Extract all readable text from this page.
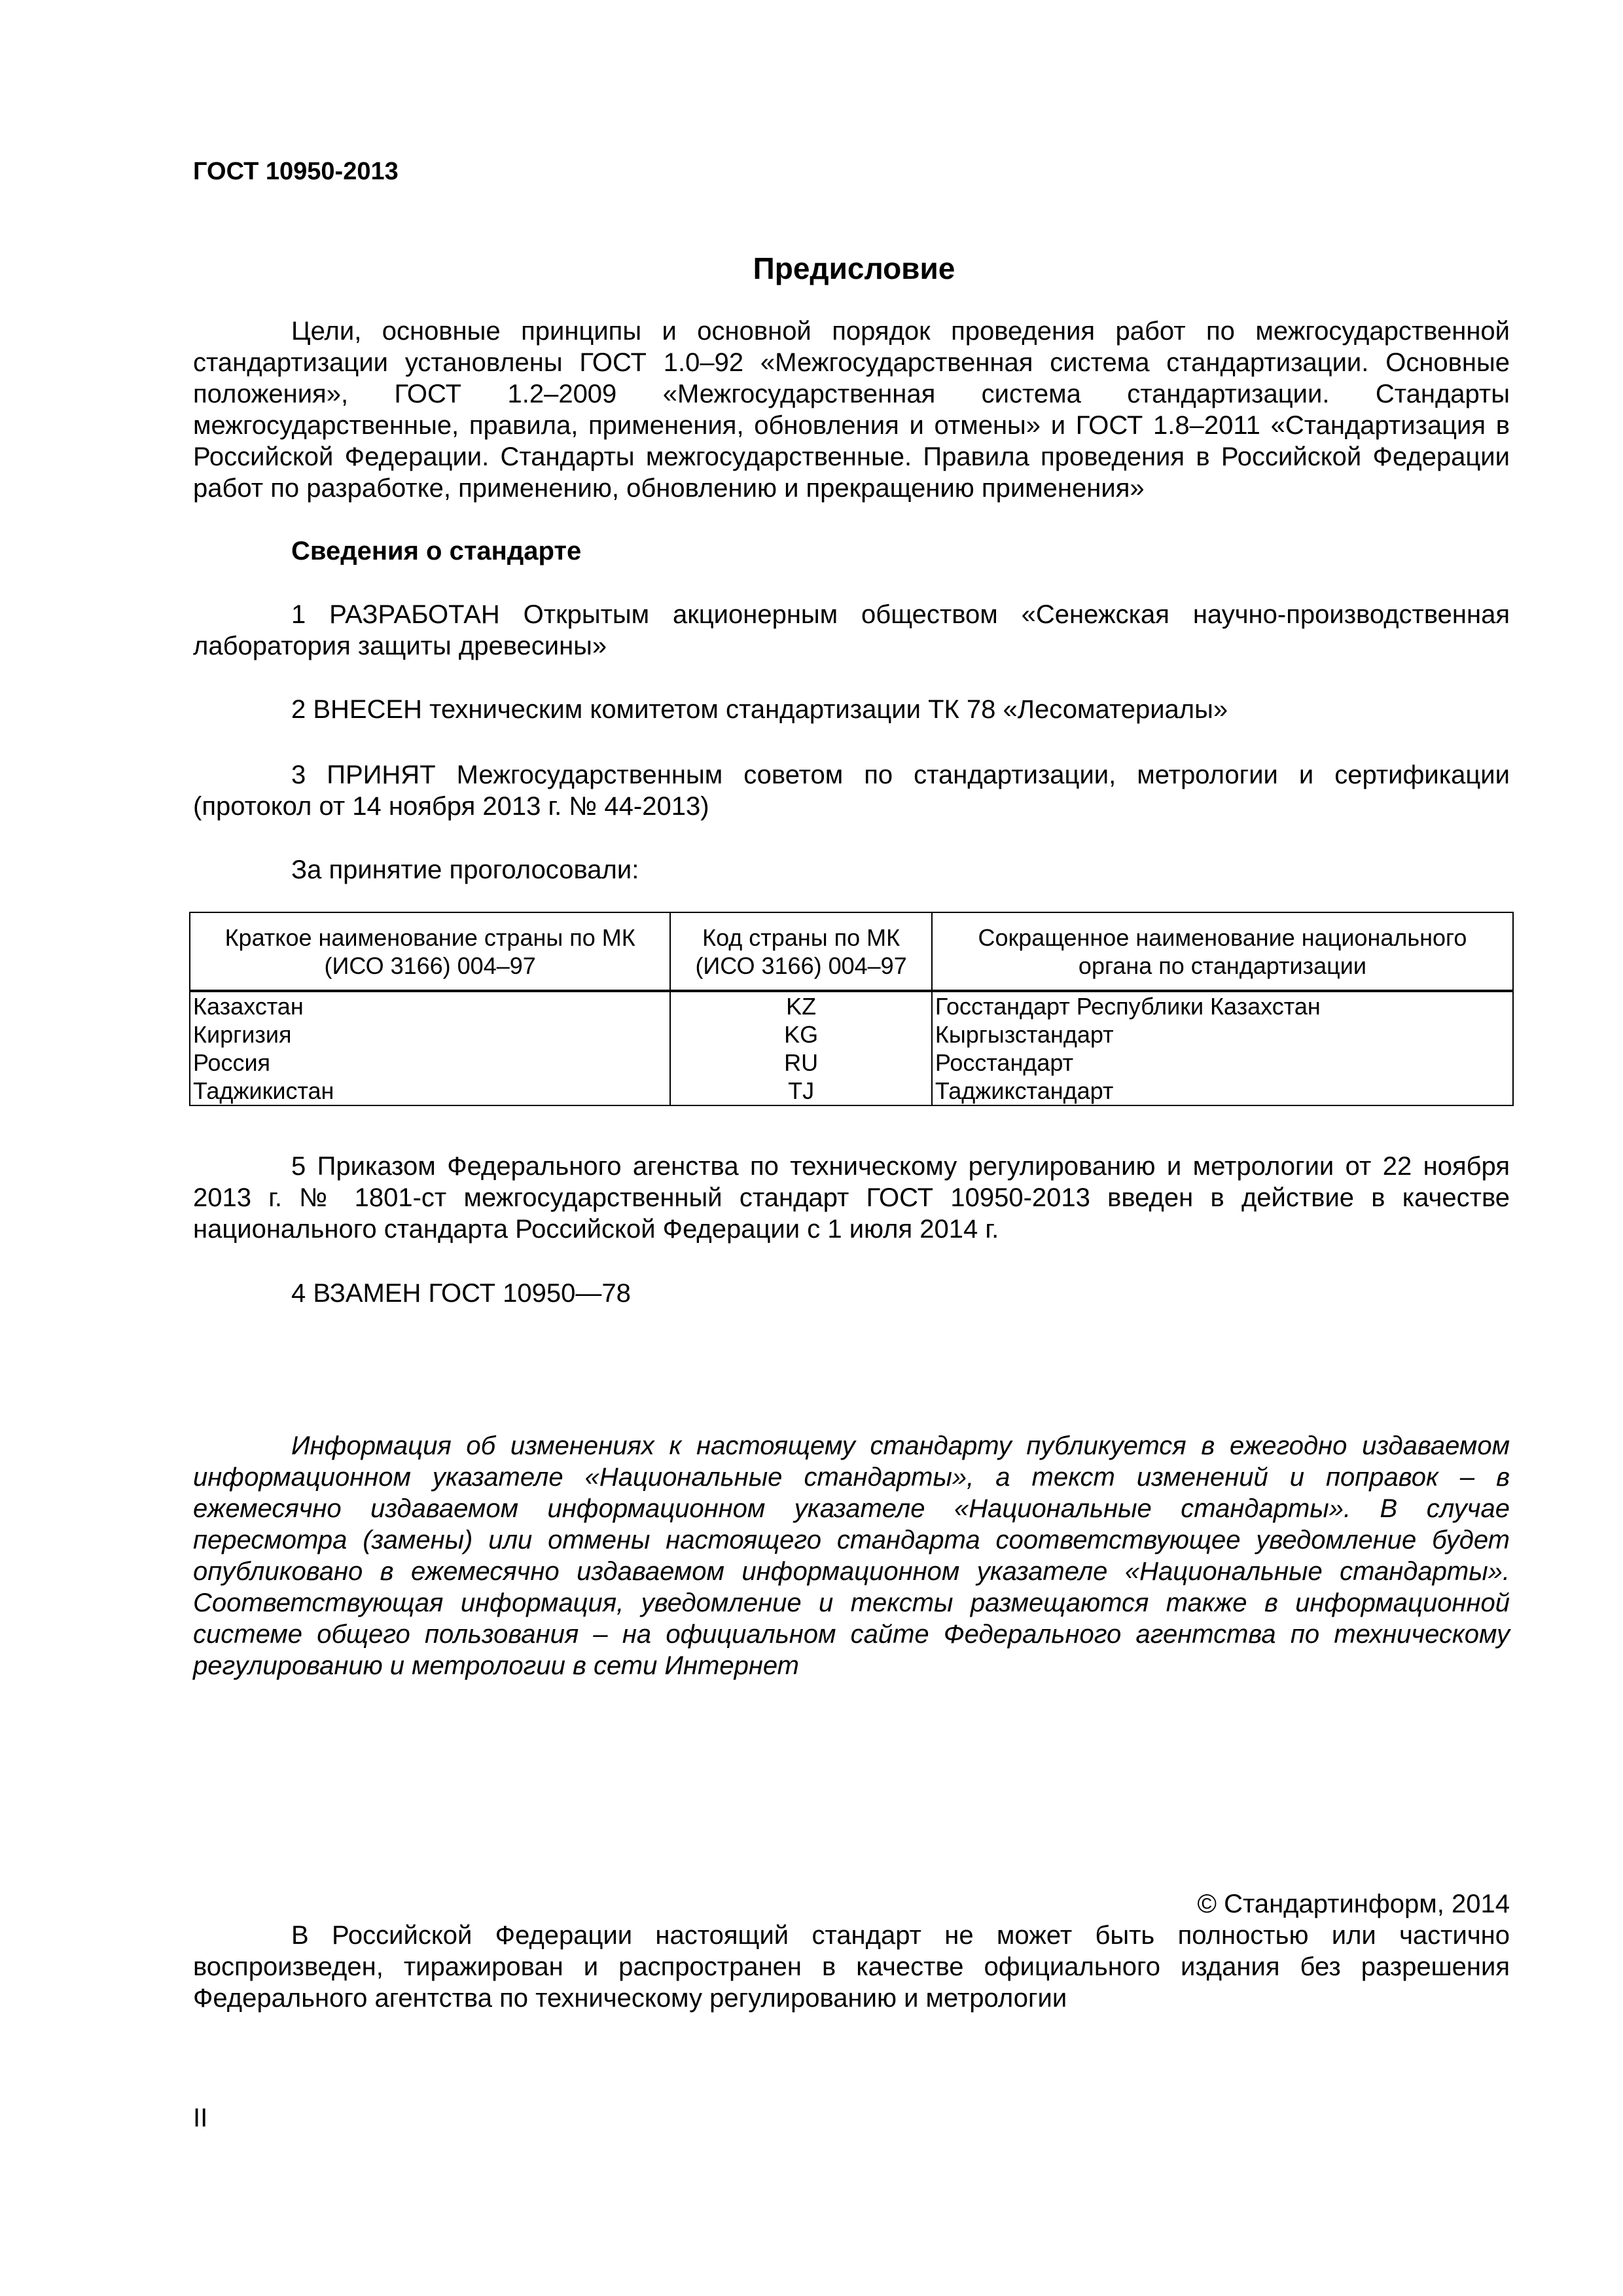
ГОСТ 10950-2013
Предисловие
Цели, основные принципы и основной порядок проведения работ по межгосударственной стандартизации установлены ГОСТ 1.0–92 «Межгосударственная система стандартизации. Основные положения», ГОСТ 1.2–2009 «Межгосударственная система стандартизации. Стандарты межгосударственные, правила, применения, обновления и отмены» и ГОСТ 1.8–2011 «Стандартизация в Российской Федерации. Стандарты межгосударственные. Правила проведения в Российской Федерации работ по разработке, применению, обновлению и прекращению применения»
Сведения о стандарте
1 РАЗРАБОТАН Открытым акционерным обществом «Сенежская научно-производственная лаборатория защиты древесины»
2 ВНЕСЕН техническим комитетом стандартизации ТК 78 «Лесоматериалы»
3 ПРИНЯТ Межгосударственным советом по стандартизации, метрологии и сертификации (протокол от 14 ноября 2013 г. № 44-2013)
За принятие проголосовали:
Краткое наименование страны по МК (ИСО 3166) 004–97	Код страны по МК (ИСО 3166) 004–97	Сокращенное наименование национального органа по стандартизации
Казахстан	KZ	Госстандарт Республики Казахстан
Киргизия	KG	Кыргызстандарт
Россия	RU	Росстандарт
Таджикистан	TJ	Таджикстандарт
5 Приказом Федерального агенства по техническому регулированию и метрологии от 22 ноября 2013 г. № 1801-ст межгосударственный стандарт ГОСТ 10950-2013 введен в действие в качестве национального стандарта Российской Федерации с 1 июля 2014 г.
4 ВЗАМЕН ГОСТ 10950—78
Информация об изменениях к настоящему стандарту публикуется в ежегодно издаваемом информационном указателе «Национальные стандарты», а текст изменений и поправок – в ежемесячно издаваемом информационном указателе «Национальные стандарты». В случае пересмотра (замены) или отмены настоящего стандарта соответствующее уведомление будет опубликовано в ежемесячно издаваемом информационном указателе «Национальные стандарты». Соответствующая информация, уведомление и тексты размещаются также в информационной системе общего пользования – на официальном сайте Федерального агентства по техническому регулированию и метрологии в сети Интернет
© Стандартинформ, 2014
В Российской Федерации настоящий стандарт не может быть полностью или частично воспроизведен, тиражирован и распространен в качестве официального издания без разрешения Федерального агентства по техническому регулированию и метрологии
II
